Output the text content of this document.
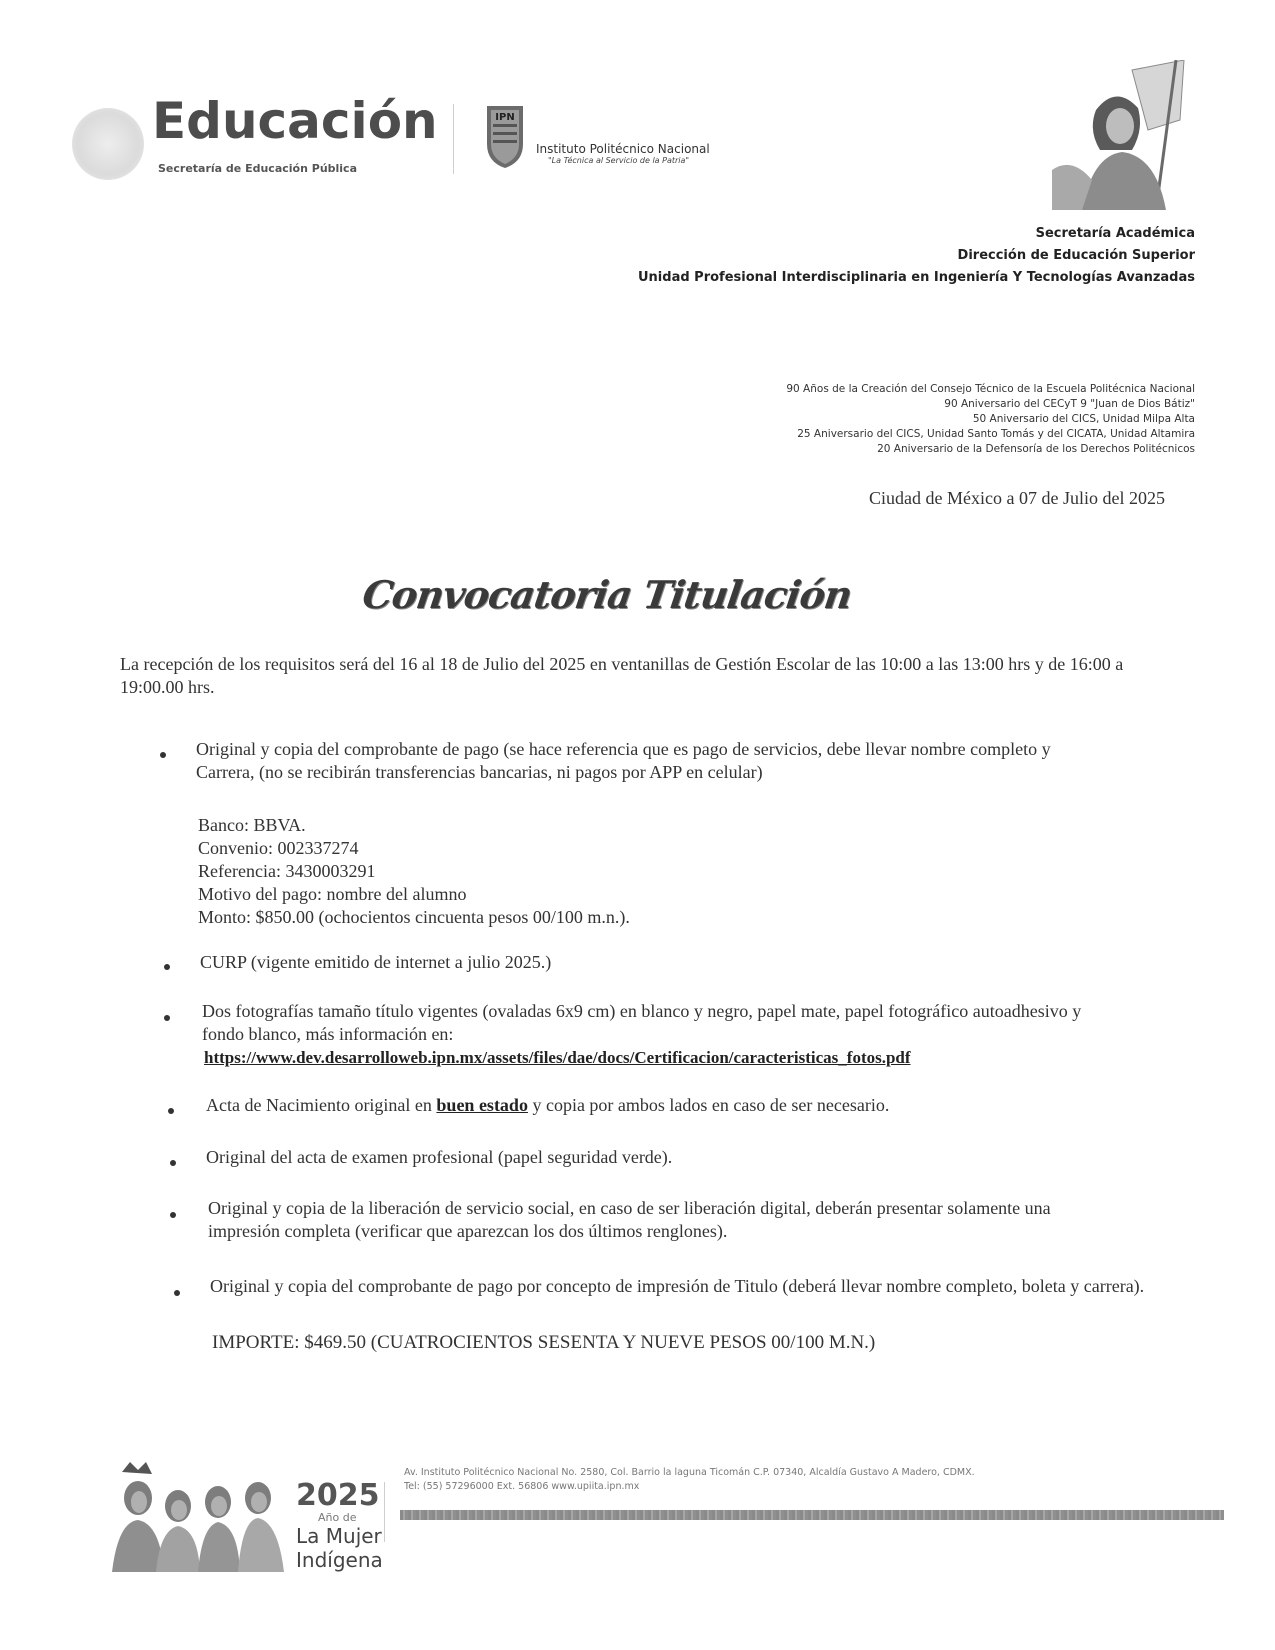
Educación
Secretaría de Educación Pública
IPN
Instituto Politécnico Nacional
"La Técnica al Servicio de la Patria"
Secretaría Académica
Dirección de Educación Superior
Unidad Profesional Interdisciplinaria en Ingeniería Y Tecnologías Avanzadas
90 Años de la Creación del Consejo Técnico de la Escuela Politécnica Nacional
90 Aniversario del CECyT 9 "Juan de Dios Bátiz"
50 Aniversario del CICS, Unidad Milpa Alta
25 Aniversario del CICS, Unidad Santo Tomás y del CICATA, Unidad Altamira
20 Aniversario de la Defensoría de los Derechos Politécnicos
Ciudad de México a 07 de Julio del 2025
Convocatoria Titulación
La recepción de los requisitos será del 16 al 18 de Julio del 2025 en ventanillas de Gestión Escolar de las 10:00 a las 13:00 hrs y de 16:00 a 19:00.00 hrs.
Original y copia del comprobante de pago (se hace referencia que es pago de servicios, debe llevar nombre completo y Carrera, (no se recibirán transferencias bancarias, ni pagos por APP en celular)
Banco: BBVA.
Convenio: 002337274
Referencia: 3430003291
Motivo del pago: nombre del alumno
Monto: $850.00 (ochocientos cincuenta pesos 00/100 m.n.).
CURP (vigente emitido de internet a julio 2025.)
Dos fotografías tamaño título vigentes (ovaladas 6x9 cm) en blanco y negro, papel mate, papel fotográfico autoadhesivo y fondo blanco, más información en:
https://www.dev.desarrolloweb.ipn.mx/assets/files/dae/docs/Certificacion/caracteristicas_fotos.pdf
Acta de Nacimiento original en buen estado y copia por ambos lados en caso de ser necesario.
Original del acta de examen profesional (papel seguridad verde).
Original y copia de la liberación de servicio social, en caso de ser liberación digital, deberán presentar solamente una impresión completa (verificar que aparezcan los dos últimos renglones).
Original y copia del comprobante de pago por concepto de impresión de Titulo (deberá llevar nombre completo, boleta y carrera).
IMPORTE: $469.50 (CUATROCIENTOS SESENTA Y NUEVE PESOS 00/100 M.N.)
2025
Año de
La Mujer
Indígena
Av. Instituto Politécnico Nacional No. 2580, Col. Barrio la laguna Ticomán C.P. 07340, Alcaldía Gustavo A Madero, CDMX.
Tel: (55) 57296000 Ext. 56806 www.upiita.ipn.mx
